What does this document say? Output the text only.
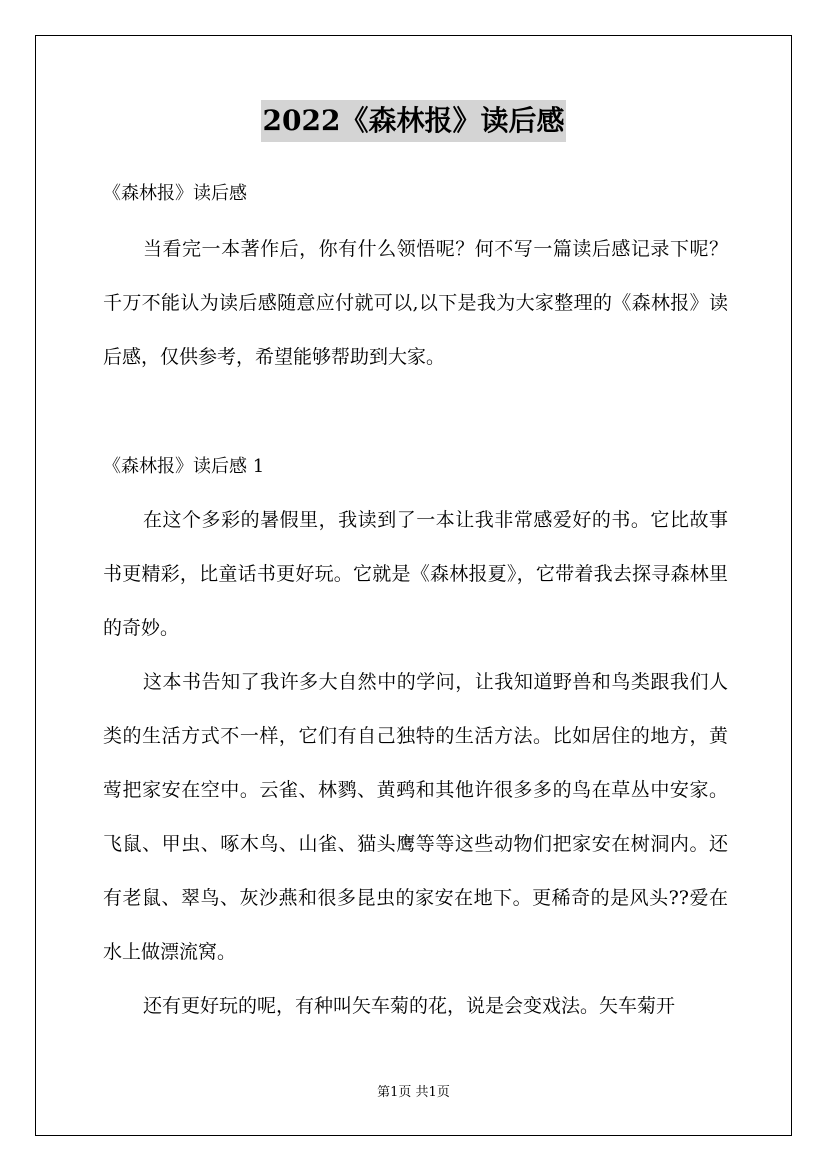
2022《森林报》读后感
《森林报》读后感

当看完一本著作后，你有什么领悟呢？何不写一篇读后感记录下呢？千万不能认为读后感随意应付就可以,以下是我为大家整理的《森林报》读后感，仅供参考，希望能够帮助到大家。

《森林报》读后感 1

在这个多彩的暑假里，我读到了一本让我非常感爱好的书。它比故事书更精彩，比童话书更好玩。它就是《森林报夏》，它带着我去探寻森林里的奇妙。

这本书告知了我许多大自然中的学问，让我知道野兽和鸟类跟我们人类的生活方式不一样，它们有自己独特的生活方法。比如居住的地方，黄莺把家安在空中。云雀、林鹨、黄鹀和其他许很多多的鸟在草丛中安家。飞鼠、甲虫、啄木鸟、山雀、猫头鹰等等这些动物们把家安在树洞内。还有老鼠、翠鸟、灰沙燕和很多昆虫的家安在地下。更稀奇的是风头??爱在水上做漂流窝。

还有更好玩的呢，有种叫矢车菊的花，说是会变戏法。矢车菊开

第1页 共1页
